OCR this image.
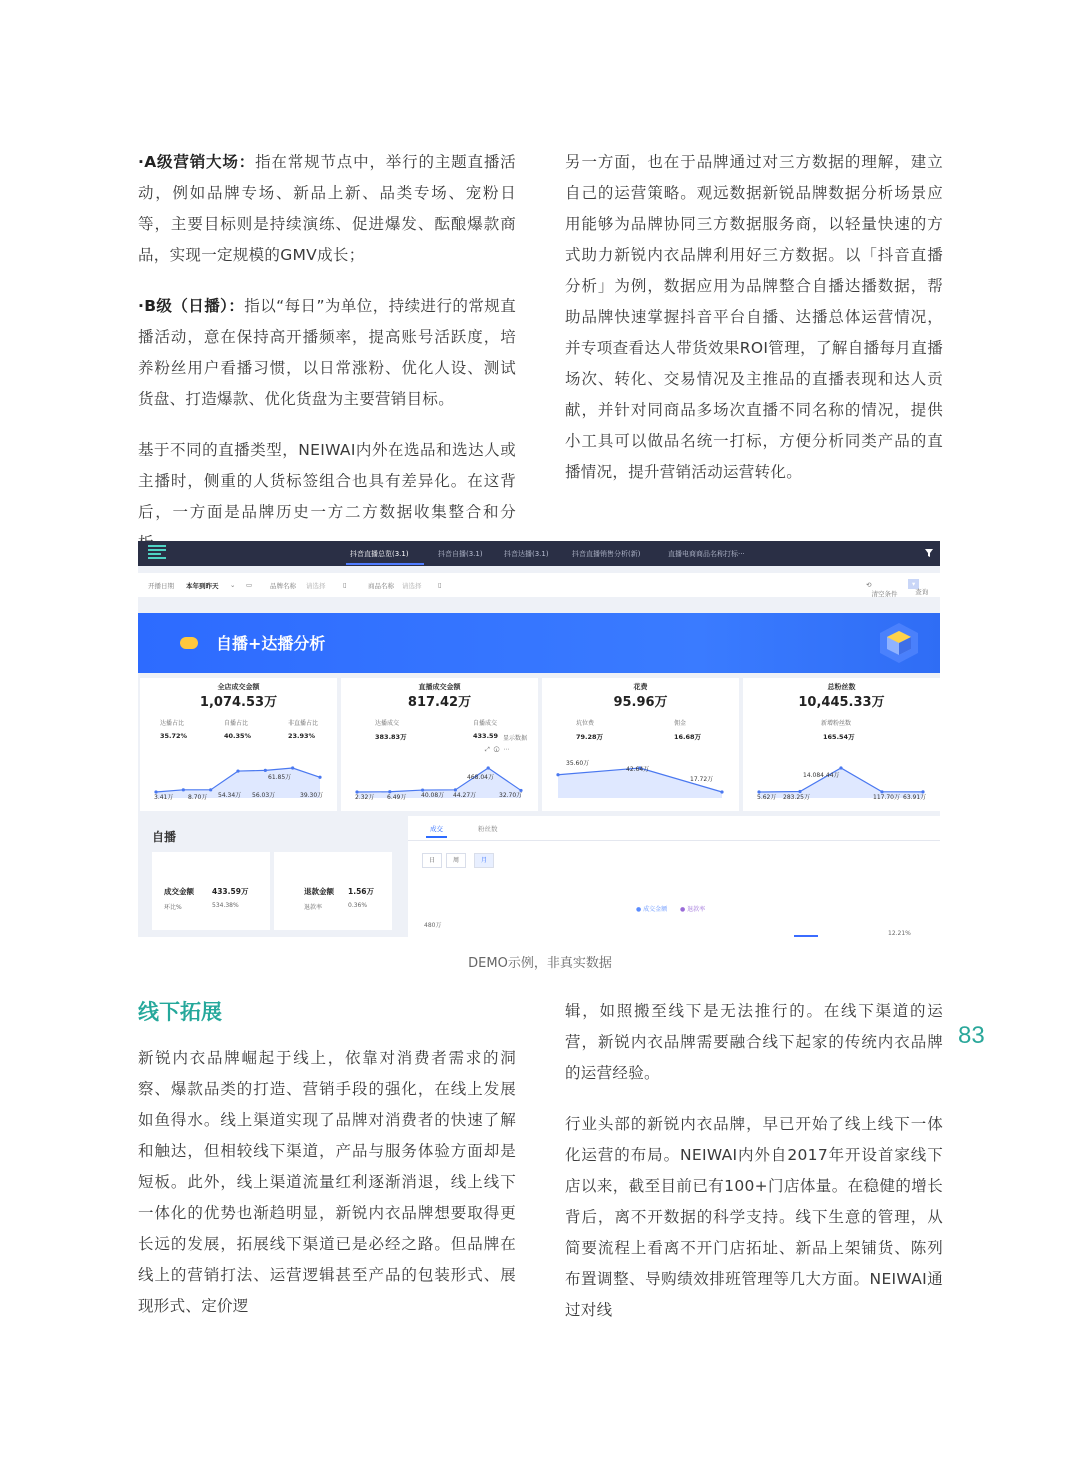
·A级营销大场：指在常规节点中，举行的主题直播活动，例如品牌专场、新品上新、品类专场、宠粉日等，主要目标则是持续演练、促进爆发、酝酿爆款商品，实现一定规模的GMV成长；

·B级（日播）：指以“每日”为单位，持续进行的常规直播活动，意在保持高开播频率，提高账号活跃度，培养粉丝用户看播习惯，以日常涨粉、优化人设、测试货盘、打造爆款、优化货盘为主要营销目标。

基于不同的直播类型，NEIWAI内外在选品和选达人或主播时，侧重的人货标签组合也具有差异化。在这背后，一方面是品牌历史一方二方数据收集整合和分

另一方面，也在于品牌通过对三方数据的理解，建立自己的运营策略。观远数据新锐品牌数据分析场景应用能够为品牌协同三方数据服务商，以轻量快速的方式助力新锐内衣品牌利用好三方数据。以「抖音直播分析」为例，数据应用为品牌整合自播达播数据，帮助品牌快速掌握抖音平台自播、达播总体运营情况，并专项查看达人带货效果ROI管理，了解自播每月直播场次、转化、交易情况及主推品的直播表现和达人贡献，并针对同商品多场次直播不同名称的情况，提供小工具可以做品名统一打标，方便分析同类产品的直播情况，提升营销活动运营转化。

抖音直播总览(3.1)	抖音自播(3.1)	抖音达播(3.1)	抖音直播销售分析(新)	直播电商商品名称打标···
开播日期 本年到昨天 ⌄ ▭	品牌名称 请选择	▯	商品名称 请选择	▯	⟲
清空条件
▾
查询
自播+达播分析
全店成交金额
1,074.53万
达播占比
35.72%
自播占比
40.35%
非直播占比
23.93%
3.41万 8.70万 54.34万 56.03万
61.85万
39.30万
直播成交金额
817.42万
达播成交
383.83万
自播成交
433.59 显示数据
⤢ⓘ⋯
2.32万 6.49万 40.08万 44.27万
468.04万
32.70万
花费
95.96万
坑位费
79.28万
佣金
16.68万
35.60万
42.64万
17.72万
总粉丝数
10,445.33万
新增粉丝数
165.54万
5.62万 283.25万
14.084.44万
117.70万 63.91万
自播
成交金额 433.59万
环比%	534.38%
退款金额 1.56万
退款率	0.36%
成交	粉丝数
● 成交金额 ● 退款率
480万
12.21%
日	周	月
DEMO示例，非真实数据
线下拓展

新锐内衣品牌崛起于线上，依靠对消费者需求的洞察、爆款品类的打造、营销手段的强化，在线上发展如鱼得水。线上渠道实现了品牌对消费者的快速了解和触达，但相较线下渠道，产品与服务体验方面却是短板。此外，线上渠道流量红利逐渐消退，线上线下一体化的优势也渐趋明显，新锐内衣品牌想要取得更长远的发展，拓展线下渠道已是必经之路。但品牌在线上的营销打法、运营逻辑甚至产品的包装形式、展现形式、定价逻

辑，如照搬至线下是无法推行的。在线下渠道的运营，新锐内衣品牌需要融合线下起家的传统内衣品牌的运营经验。

行业头部的新锐内衣品牌，早已开始了线上线下一体化运营的布局。NEIWAI内外自2017年开设首家线下店以来，截至目前已有100+门店体量。在稳健的增长背后，离不开数据的科学支持。线下生意的管理，从简要流程上看离不开门店拓址、新品上架铺货、陈列布置调整、导购绩效排班管理等几大方面。NEIWAI通过对线

83
